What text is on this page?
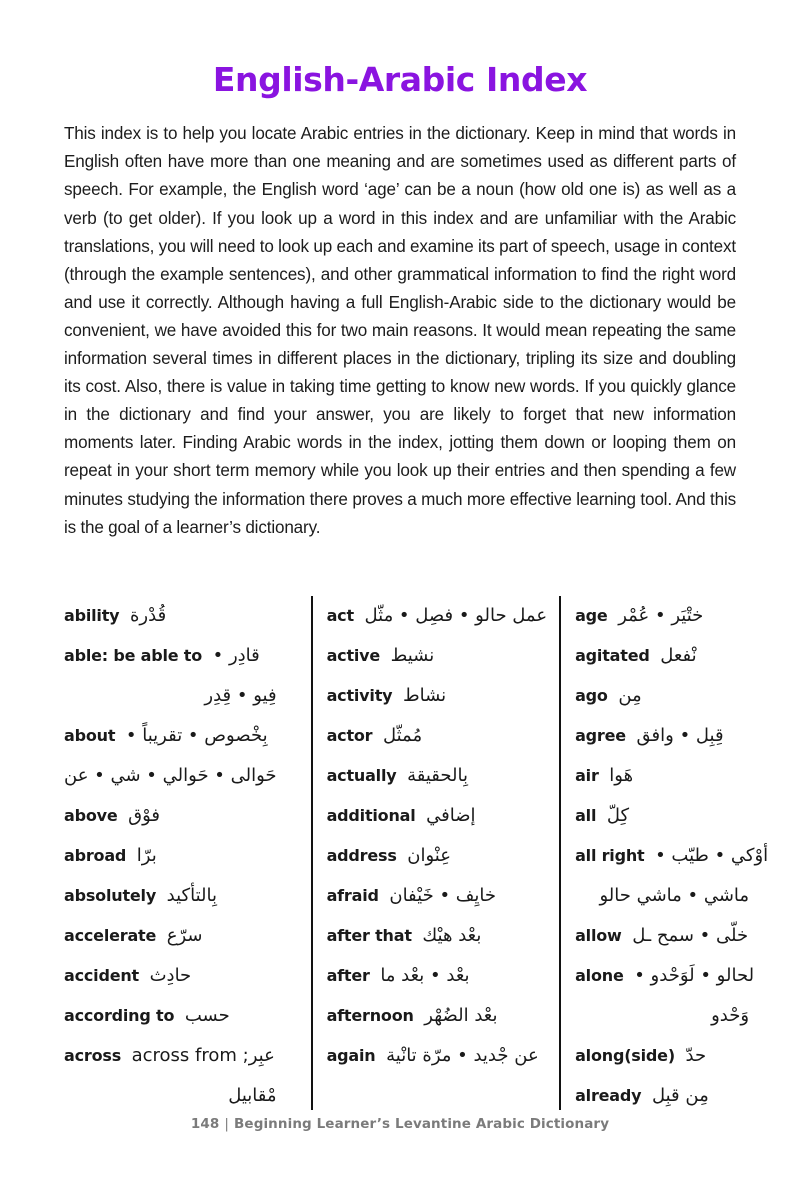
English-Arabic Index

This index is to help you locate Arabic entries in the dictionary. Keep in mind that words in English often have more than one meaning and are sometimes used as different parts of speech. For example, the English word ‘age’ can be a noun (how old one is) as well as a verb (to get older). If you look up a word in this index and are unfamiliar with the Arabic translations, you will need to look up each and examine its part of speech, usage in context (through the example sentences), and other grammatical information to find the right word and use it correctly. Although having a full English-Arabic side to the dictionary would be convenient, we have avoided this for two main reasons. It would mean repeating the same information several times in different places in the dictionary, tripling its size and doubling its cost. Also, there is value in taking time getting to know new words. If you quickly glance in the dictionary and find your answer, you are likely to forget that new information moments later. Finding Arabic words in the index, jotting them down or looping them on repeat in your short term memory while you look up their entries and then spending a few minutes studying the information there proves a much more effective learning tool. And this is the goal of a learner’s dictionary.

ability قدرة
able: be able to قادر •
فيو • قدر
about	بخصوص • تقريبا •
حوالى • حوالي • شي • عن
above فوق
abroad برا
absolutely	بالتأكيد
accelerate سرع
accident حادث
according to حسب
across	عبر; across from
مقابيل
act	عمل حالو • فصل • مثل
active نشيط
activity نشاط
actor ممثل
actually	بالحقيقة
additional إضافي
address عنوان
afraid	خايف • خيفان
after that	بعد هيك
after	بعد • بعد ما
afternoon	بعد الضهر
again	عن جديد • مرة تانية
age	ختير • عمر
agitated نفعل
ago من
agree	قبل • وافق
air هوا
all كل
all right	أوكي • طيب •
ماشي • ماشي حالو
allow	خلى • سمح ـل
alone	لحالو • لوحدو •
وحدو
along(side) حد
already	من قبل
148 | Beginning Learner’s Levantine Arabic Dictionary
